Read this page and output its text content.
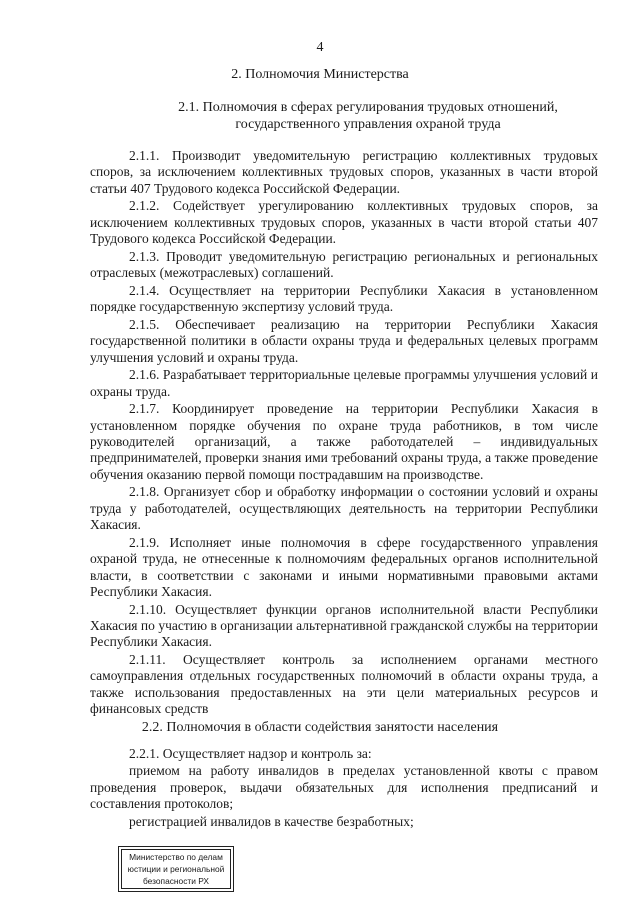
4
2. Полномочия Министерства
2.1. Полномочия в сферах регулирования трудовых отношений,
государственного управления охраной труда

2.1.1. Производит уведомительную регистрацию коллективных трудовых споров, за исключением коллективных трудовых споров, указанных в части второй статьи 407 Трудового кодекса Российской Федерации.

2.1.2. Содействует урегулированию коллективных трудовых споров, за исключением коллективных трудовых споров, указанных в части второй статьи 407 Трудового кодекса Российской Федерации.

2.1.3. Проводит уведомительную регистрацию региональных и региональных отраслевых (межотраслевых) соглашений.

2.1.4. Осуществляет на территории Республики Хакасия в установленном порядке государственную экспертизу условий труда.

2.1.5. Обеспечивает реализацию на территории Республики Хакасия государственной политики в области охраны труда и федеральных целевых программ улучшения условий и охраны труда.

2.1.6. Разрабатывает территориальные целевые программы улучшения условий и охраны труда.

2.1.7. Координирует проведение на территории Республики Хакасия в установленном порядке обучения по охране труда работников, в том числе руководителей организаций, а также работодателей – индивидуальных предпринимателей, проверки знания ими требований охраны труда, а также проведение обучения оказанию первой помощи пострадавшим на производстве.

2.1.8. Организует сбор и обработку информации о состоянии условий и охраны труда у работодателей, осуществляющих деятельность на территории Республики Хакасия.

2.1.9. Исполняет иные полномочия в сфере государственного управления охраной труда, не отнесенные к полномочиям федеральных органов исполнительной власти, в соответствии с законами и иными нормативными правовыми актами Республики Хакасия.

2.1.10. Осуществляет функции органов исполнительной власти Республики Хакасия по участию в организации альтернативной гражданской службы на территории Республики Хакасия.

2.1.11. Осуществляет контроль за исполнением органами местного самоуправления отдельных государственных полномочий в области охраны труда, а также использования предоставленных на эти цели материальных ресурсов и финансовых средств

2.2. Полномочия в области содействия занятости населения

2.2.1. Осуществляет надзор и контроль за:

приемом на работу инвалидов в пределах установленной квоты с правом проведения проверок, выдачи обязательных для исполнения предписаний и составления протоколов;

регистрацией инвалидов в качестве безработных;

Министерство по делам
юстиции и региональной
безопасности РХ
